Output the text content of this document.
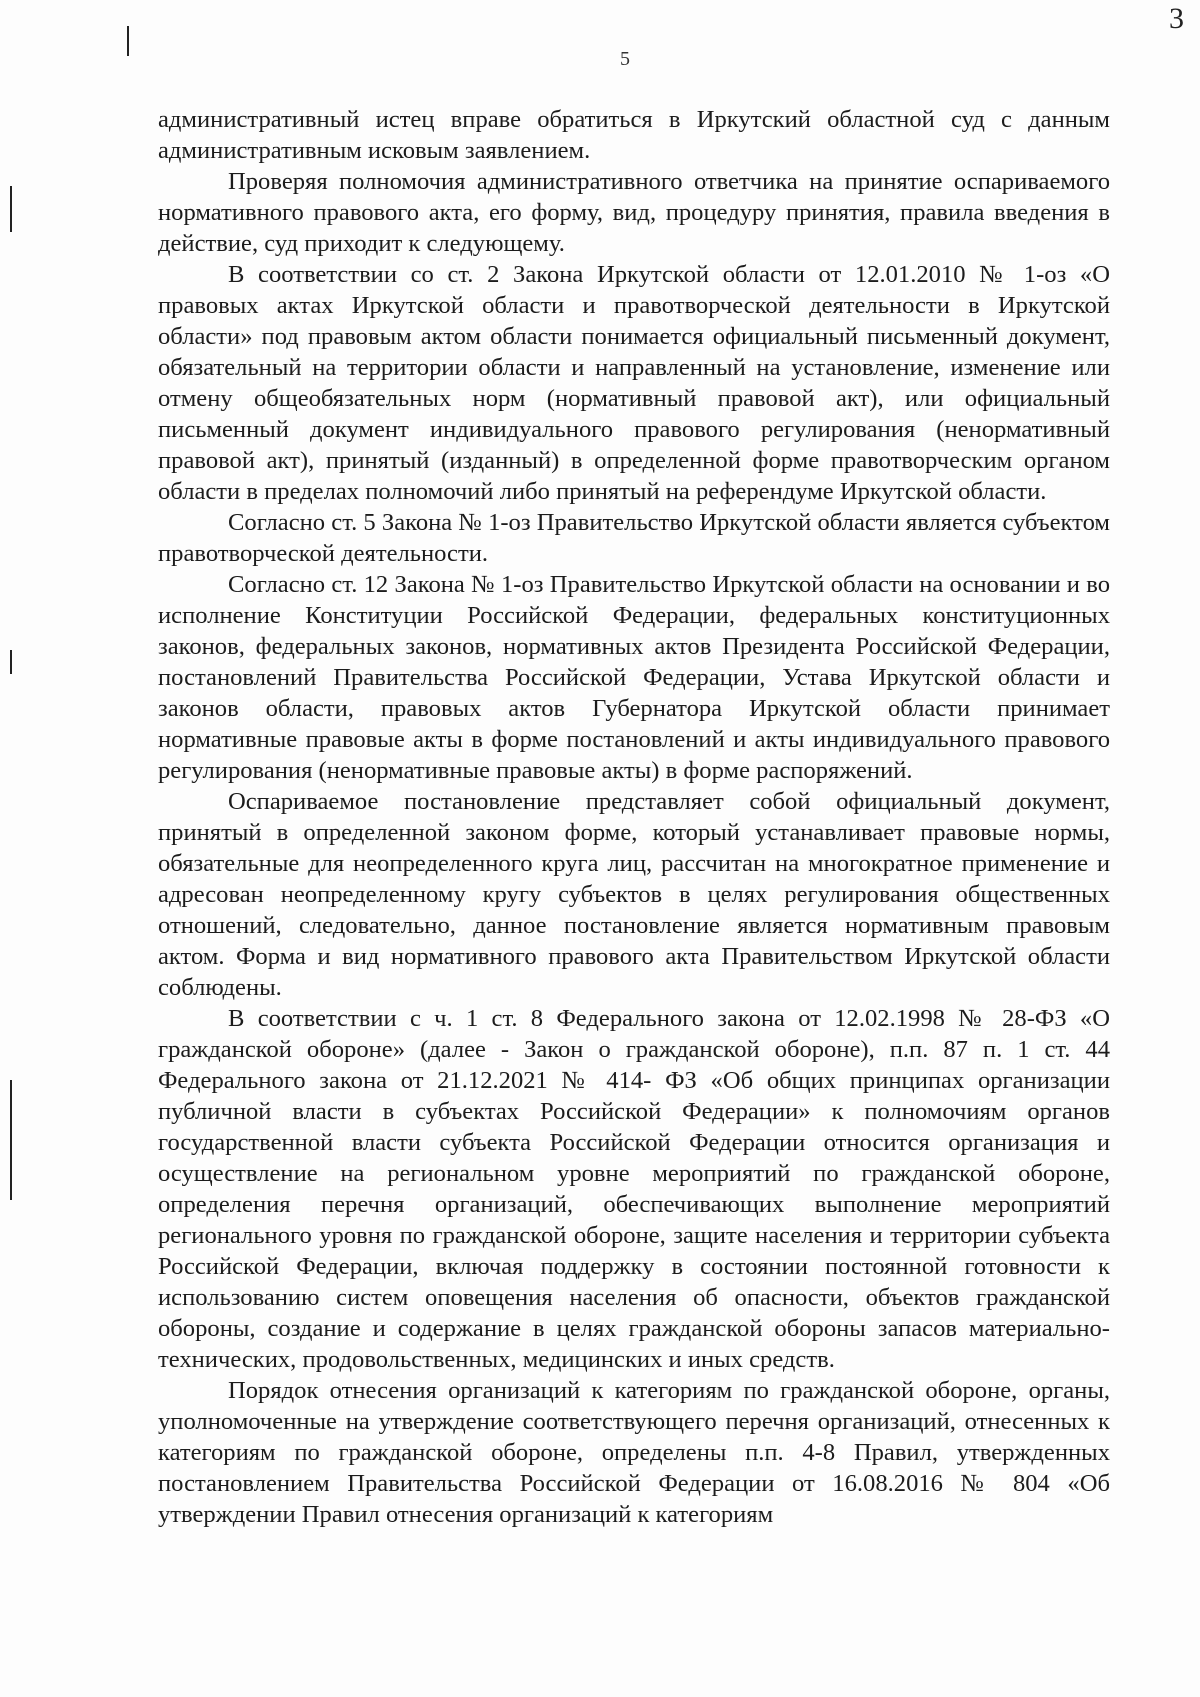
3
5

административный истец вправе обратиться в Иркутский областной суд с данным административным исковым заявлением.

Проверяя полномочия административного ответчика на принятие оспариваемого нормативного правового акта, его форму, вид, процедуру принятия, правила введения в действие, суд приходит к следующему.

В соответствии со ст. 2 Закона Иркутской области от 12.01.2010 № 1-оз «О правовых актах Иркутской области и правотворческой деятельности в Иркутской области» под правовым актом области понимается официальный письменный документ, обязательный на территории области и направленный на установление, изменение или отмену общеобязательных норм (нормативный правовой акт), или официальный письменный документ индивидуального правового регулирования (ненормативный правовой акт), принятый (изданный) в определенной форме правотворческим органом области в пределах полномочий либо принятый на референдуме Иркутской области.

Согласно ст. 5 Закона № 1-оз Правительство Иркутской области является субъектом правотворческой деятельности.

Согласно ст. 12 Закона № 1-оз Правительство Иркутской области на основании и во исполнение Конституции Российской Федерации, федеральных конституционных законов, федеральных законов, нормативных актов Президента Российской Федерации, постановлений Правительства Российской Федерации, Устава Иркутской области и законов области, правовых актов Губернатора Иркутской области принимает нормативные правовые акты в форме постановлений и акты индивидуального правового регулирования (ненормативные правовые акты) в форме распоряжений.

Оспариваемое постановление представляет собой официальный документ, принятый в определенной законом форме, который устанавливает правовые нормы, обязательные для неопределенного круга лиц, рассчитан на многократное применение и адресован неопределенному кругу субъектов в целях регулирования общественных отношений, следовательно, данное постановление является нормативным правовым актом. Форма и вид нормативного правового акта Правительством Иркутской области соблюдены.

В соответствии с ч. 1 ст. 8 Федерального закона от 12.02.1998 № 28-ФЗ «О гражданской обороне» (далее - Закон о гражданской обороне), п.п. 87 п. 1 ст. 44 Федерального закона от 21.12.2021 № 414- ФЗ «Об общих принципах организации публичной власти в субъектах Российской Федерации» к полномочиям органов государственной власти субъекта Российской Федерации относится организация и осуществление на региональном уровне мероприятий по гражданской обороне, определения перечня организаций, обеспечивающих выполнение мероприятий регионального уровня по гражданской обороне, защите населения и территории субъекта Российской Федерации, включая поддержку в состоянии постоянной готовности к использованию систем оповещения населения об опасности, объектов гражданской обороны, создание и содержание в целях гражданской обороны запасов материально-технических, продовольственных, медицинских и иных средств.

Порядок отнесения организаций к категориям по гражданской обороне, органы, уполномоченные на утверждение соответствующего перечня организаций, отнесенных к категориям по гражданской обороне, определены п.п. 4-8 Правил, утвержденных постановлением Правительства Российской Федерации от 16.08.2016 № 804 «Об утверждении Правил отнесения организаций к категориям
